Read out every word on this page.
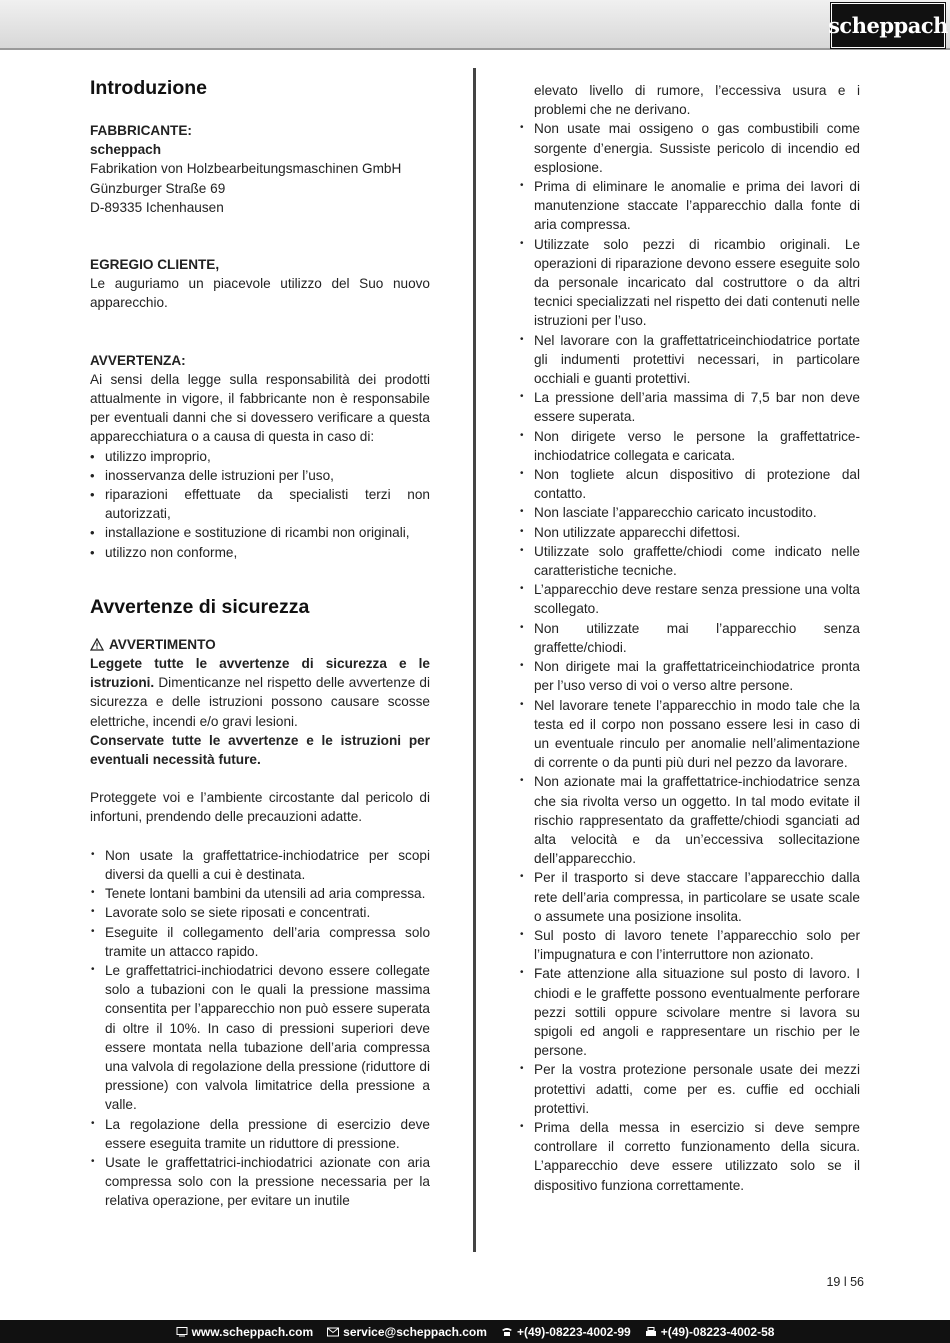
scheppach
Introduzione

FABBRICANTE:

scheppach

Fabrikation von Holzbearbeitungsmaschinen GmbH

Günzburger Straße 69

D-89335 Ichenhausen

EGREGIO CLIENTE,

Le auguriamo un piacevole utilizzo del Suo nuovo apparecchio.

AVVERTENZA:

Ai sensi della legge sulla responsabilità dei prodotti attualmente in vigore, il fabbricante non è responsabile per eventuali danni che si dovessero verificare a questa apparecchiatura o a causa di questa in caso di:

• utilizzo improprio,
• inosservanza delle istruzioni per l’uso,
• riparazioni effettuate da specialisti terzi non autorizzati,
• installazione e sostituzione di ricambi non originali,
• utilizzo non conforme,
Avvertenze di sicurezza
AVVERTIMENTO

Leggete tutte le avvertenze di sicurezza e le istruzioni. Dimenticanze nel rispetto delle avvertenze di sicurezza e delle istruzioni possono causare scosse elettriche, incendi e/o gravi lesioni.

Conservate tutte le avvertenze e le istruzioni per eventuali necessità future.

Proteggete voi e l’ambiente circostante dal pericolo di infortuni, prendendo delle precauzioni adatte.

• Non usate la graffettatrice-inchiodatrice per scopi diversi da quelli a cui è destinata.
• Tenete lontani bambini da utensili ad aria compressa.
• Lavorate solo se siete riposati e concentrati.
• Eseguite il collegamento dell’aria compressa solo tramite un attacco rapido.
• Le graffettatrici-inchiodatrici devono essere collegate solo a tubazioni con le quali la pressione massima consentita per l’apparecchio non può essere superata di oltre il 10%. In caso di pressioni superiori deve essere montata nella tubazione dell’aria compressa una valvola di regolazione della pressione (riduttore di pressione) con valvola limitatrice della pressione a valle.
• La regolazione della pressione di esercizio deve essere eseguita tramite un riduttore di pressione.
• Usate le graffettatrici-inchiodatrici azionate con aria compressa solo con la pressione necessaria per la relativa operazione, per evitare un inutile

elevato livello di rumore, l’eccessiva usura e i problemi che ne derivano.

• Non usate mai ossigeno o gas combustibili come sorgente d’energia. Sussiste pericolo di incendio ed esplosione.
• Prima di eliminare le anomalie e prima dei lavori di manutenzione staccate l’apparecchio dalla fonte di aria compressa.
• Utilizzate solo pezzi di ricambio originali. Le operazioni di riparazione devono essere eseguite solo da personale incaricato dal costruttore o da altri tecnici specializzati nel rispetto dei dati contenuti nelle istruzioni per l’uso.
• Nel lavorare con la graffettatriceinchiodatrice portate gli indumenti protettivi necessari, in particolare occhiali e guanti protettivi.
• La pressione dell’aria massima di 7,5 bar non deve essere superata.
• Non dirigete verso le persone la graffettatrice-inchiodatrice collegata e caricata.
• Non togliete alcun dispositivo di protezione dal contatto.
• Non lasciate l’apparecchio caricato incustodito.
• Non utilizzate apparecchi difettosi.
• Utilizzate solo graffette/chiodi come indicato nelle caratteristiche tecniche.
• L’apparecchio deve restare senza pressione una volta scollegato.
• Non utilizzate mai l’apparecchio senza graffette/chiodi.
• Non dirigete mai la graffettatriceinchiodatrice pronta per l’uso verso di voi o verso altre persone.
• Nel lavorare tenete l’apparecchio in modo tale che la testa ed il corpo non possano essere lesi in caso di un eventuale rinculo per anomalie nell’alimentazione di corrente o da punti più duri nel pezzo da lavorare.
• Non azionate mai la graffettatrice-inchiodatrice senza che sia rivolta verso un oggetto. In tal modo evitate il rischio rappresentato da graffette/chiodi sganciati ad alta velocità e da un’eccessiva sollecitazione dell’apparecchio.
• Per il trasporto si deve staccare l’apparecchio dalla rete dell’aria compressa, in particolare se usate scale o assumete una posizione insolita.
• Sul posto di lavoro tenete l’apparecchio solo per l’impugnatura e con l’interruttore non azionato.
• Fate attenzione alla situazione sul posto di lavoro. I chiodi e le graffette possono eventualmente perforare pezzi sottili oppure scivolare mentre si lavora su spigoli ed angoli e rappresentare un rischio per le persone.
• Per la vostra protezione personale usate dei mezzi protettivi adatti, come per es. cuffie ed occhiali protettivi.
• Prima della messa in esercizio si deve sempre controllare il corretto funzionamento della sicura. L’apparecchio deve essere utilizzato solo se il dispositivo funziona correttamente.
19 l 56
www.scheppach.com	service@scheppach.com	+(49)-08223-4002-99	+(49)-08223-4002-58
